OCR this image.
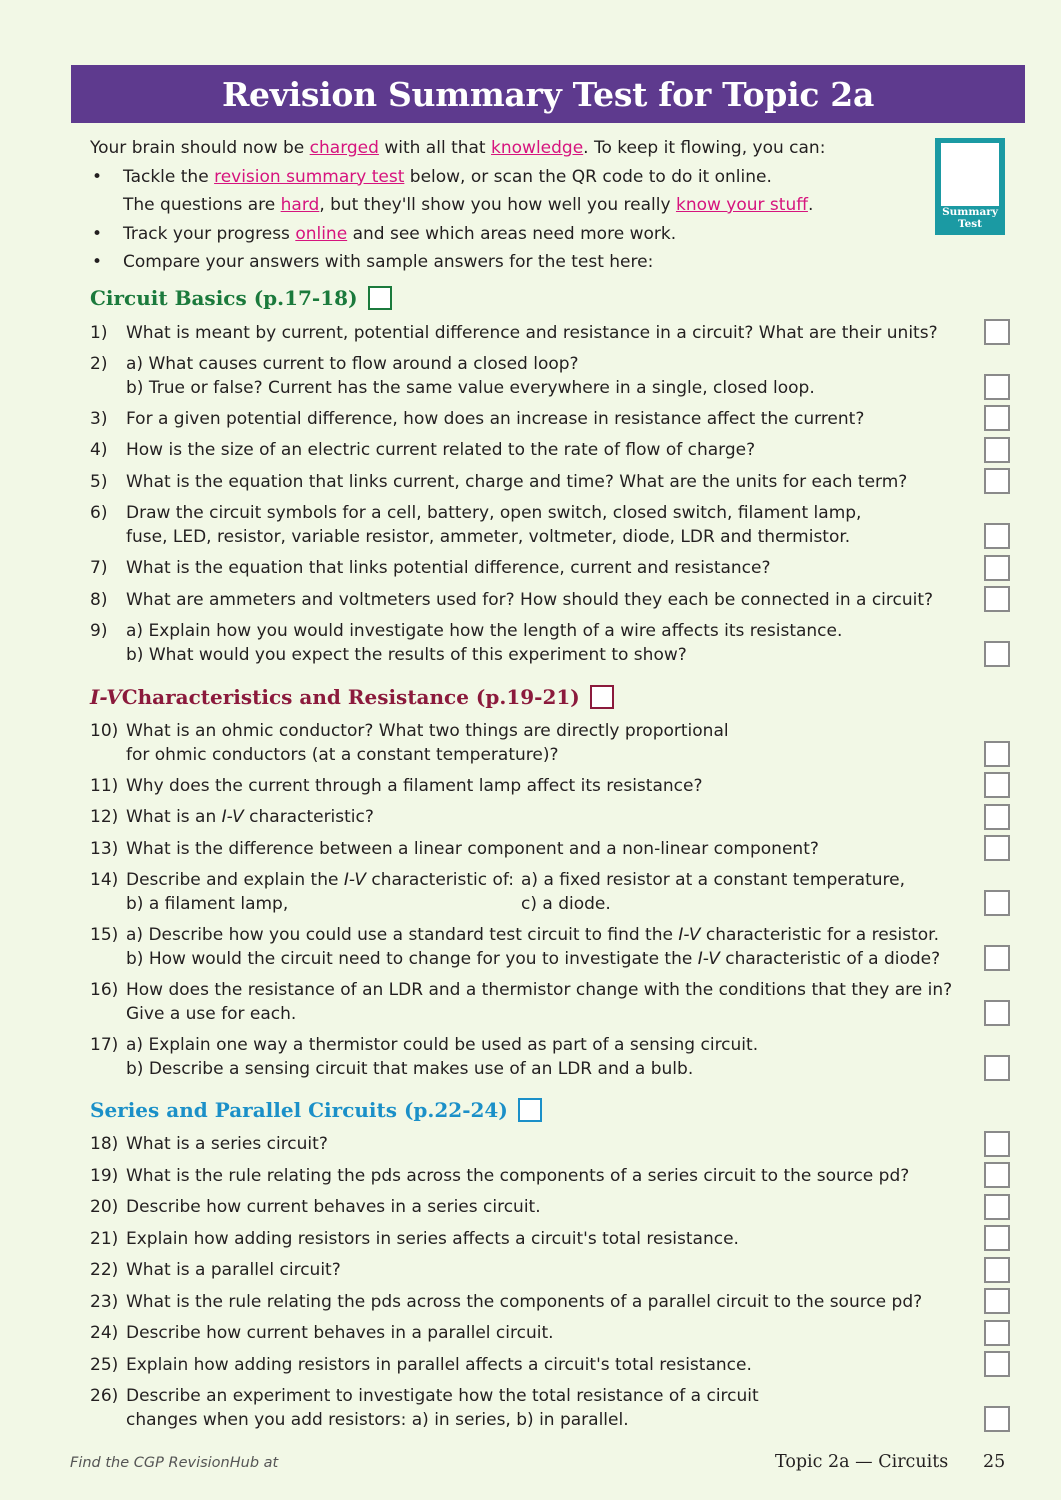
Revision Summary Test for Topic 2a

Your brain should now be charged with all that knowledge. To keep it flowing, you can:

• Tackle the revision summary test below, or scan the QR code to do it online.
The questions are hard, but they'll show you how well you really know your stuff.
• Track your progress online and see which areas need more work.
• Compare your answers with sample answers for the test here:
Summary
Test
Circuit Basics (p.17-18)
1) What is meant by current, potential difference and resistance in a circuit? What are their units?
2) a) What causes current to flow around a closed loop?
b) True or false? Current has the same value everywhere in a single, closed loop.
3) For a given potential difference, how does an increase in resistance affect the current?
4) How is the size of an electric current related to the rate of flow of charge?
5) What is the equation that links current, charge and time? What are the units for each term?
6) Draw the circuit symbols for a cell, battery, open switch, closed switch, filament lamp,
fuse, LED, resistor, variable resistor, ammeter, voltmeter, diode, LDR and thermistor.
7) What is the equation that links potential difference, current and resistance?
8) What are ammeters and voltmeters used for? How should they each be connected in a circuit?
9) a) Explain how you would investigate how the length of a wire affects its resistance.
b) What would you expect the results of this experiment to show?
I-V Characteristics and Resistance (p.19-21)
10) What is an ohmic conductor? What two things are directly proportional
for ohmic conductors (at a constant temperature)?
11) Why does the current through a filament lamp affect its resistance?
12) What is an I-V characteristic?
13) What is the difference between a linear component and a non-linear component?
14) Describe and explain the I-V characteristic of: a) a fixed resistor at a constant temperature,
b) a filament lamp,	c) a diode.
15) a) Describe how you could use a standard test circuit to find the I-V characteristic for a resistor.
b) How would the circuit need to change for you to investigate the I-V characteristic of a diode?
16) How does the resistance of an LDR and a thermistor change with the conditions that they are in?
Give a use for each.
17) a) Explain one way a thermistor could be used as part of a sensing circuit.
b) Describe a sensing circuit that makes use of an LDR and a bulb.
Series and Parallel Circuits (p.22-24)
18) What is a series circuit?
19) What is the rule relating the pds across the components of a series circuit to the source pd?
20) Describe how current behaves in a series circuit.
21) Explain how adding resistors in series affects a circuit's total resistance.
22) What is a parallel circuit?
23) What is the rule relating the pds across the components of a parallel circuit to the source pd?
24) Describe how current behaves in a parallel circuit.
25) Explain how adding resistors in parallel affects a circuit's total resistance.
26) Describe an experiment to investigate how the total resistance of a circuit
changes when you add resistors: a) in series, b) in parallel.
Find the CGP RevisionHub at	Topic 2a — Circuits 25
